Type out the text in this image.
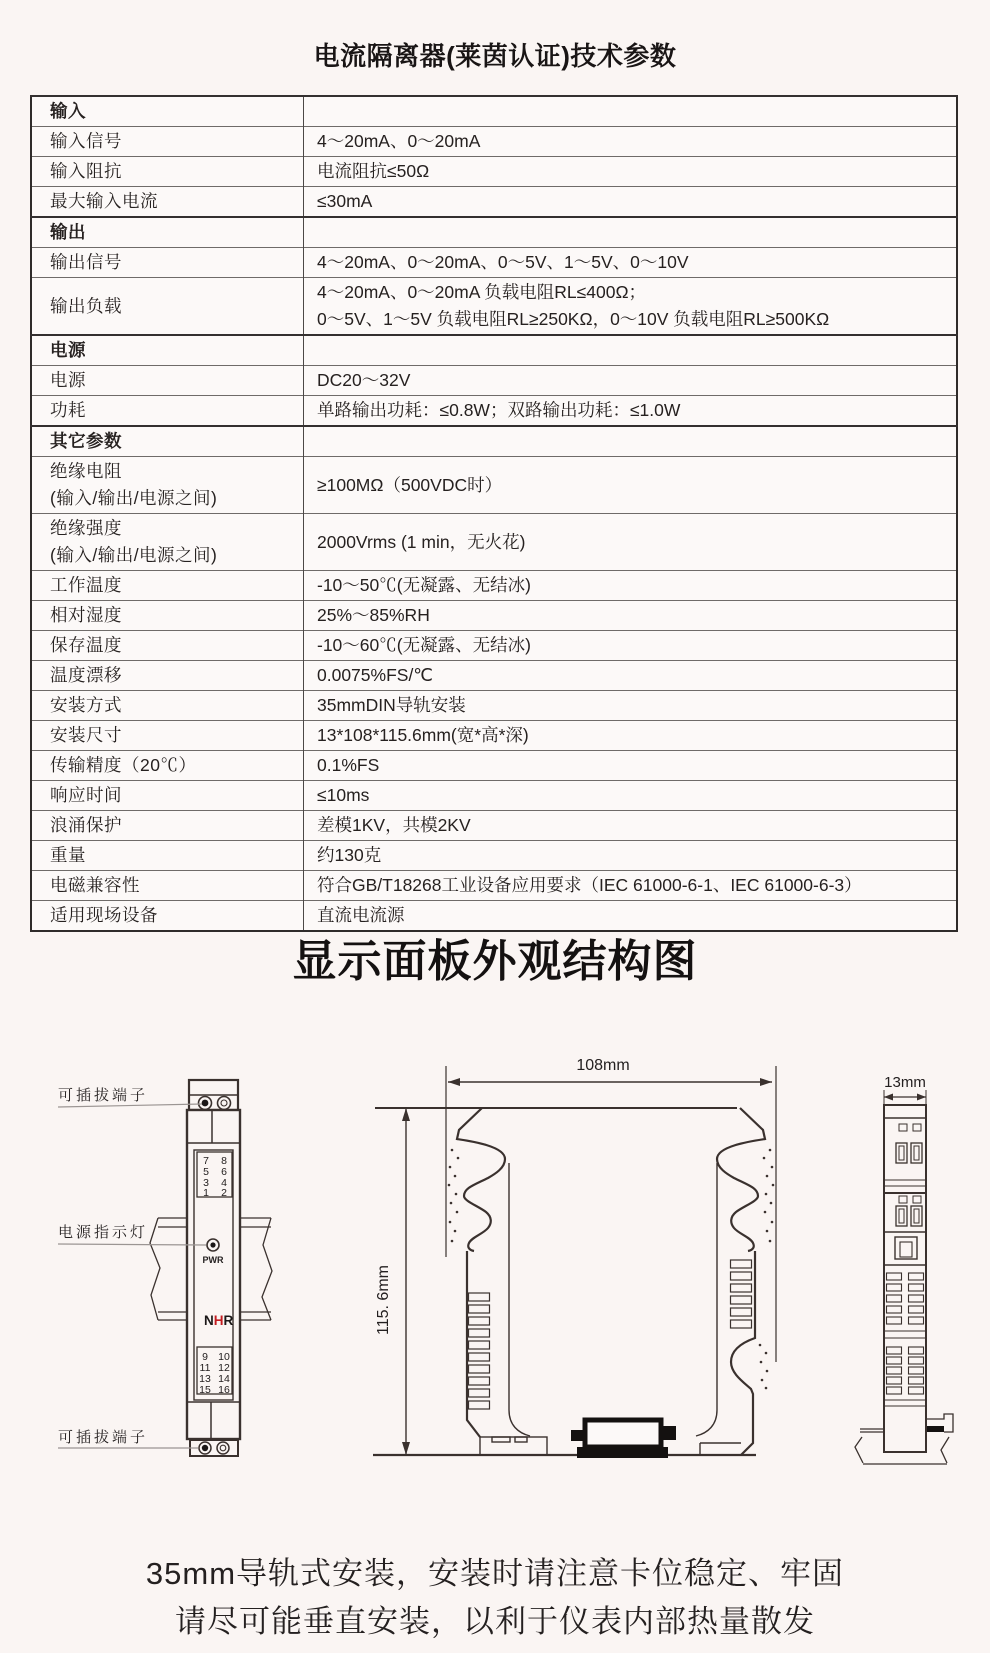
电流隔离器(莱茵认证)技术参数
输入	

输入信号	4～20mA、0～20mA

输入阻抗	电流阻抗≤50Ω

最大输入电流	≤30mA

输出	

输出信号	4～20mA、0～20mA、0～5V、1～5V、0～10V

输出负载	4～20mA、0～20mA 负载电阻RL≤400Ω；
0～5V、1～5V 负载电阻RL≥250KΩ，0～10V 负载电阻RL≥500KΩ

电源	

电源	DC20～32V

功耗	单路输出功耗：≤0.8W；双路输出功耗：≤1.0W

其它参数	

绝缘电阻
(输入/输出/电源之间)	≥100MΩ（500VDC时）

绝缘强度
(输入/输出/电源之间)	2000Vrms (1 min，无火花)

工作温度	-10～50℃(无凝露、无结冰)

相对湿度	25%～85%RH

保存温度	-10～60℃(无凝露、无结冰)

温度漂移	0.0075%FS/℃

安装方式	35mmDIN导轨安装

安装尺寸	13*108*115.6mm(宽*高*深)

传输精度（20℃）	0.1%FS

响应时间	≤10ms

浪涌保护	差模1KV，共模2KV

重量	约130克

电磁兼容性	符合GB/T18268工业设备应用要求（IEC 61000-6-1、IEC 61000-6-3）

适用现场设备	直流电流源
显示面板外观结构图
7 8
5 6
3 4
1 2
PWR
NHR
9 10
11 12
13 14
15 16
可插拔端子
电源指示灯
可插拔端子
108mm
115. 6mm
13mm
35mm导轨式安装，安装时请注意卡位稳定、牢固
请尽可能垂直安装，以利于仪表内部热量散发
